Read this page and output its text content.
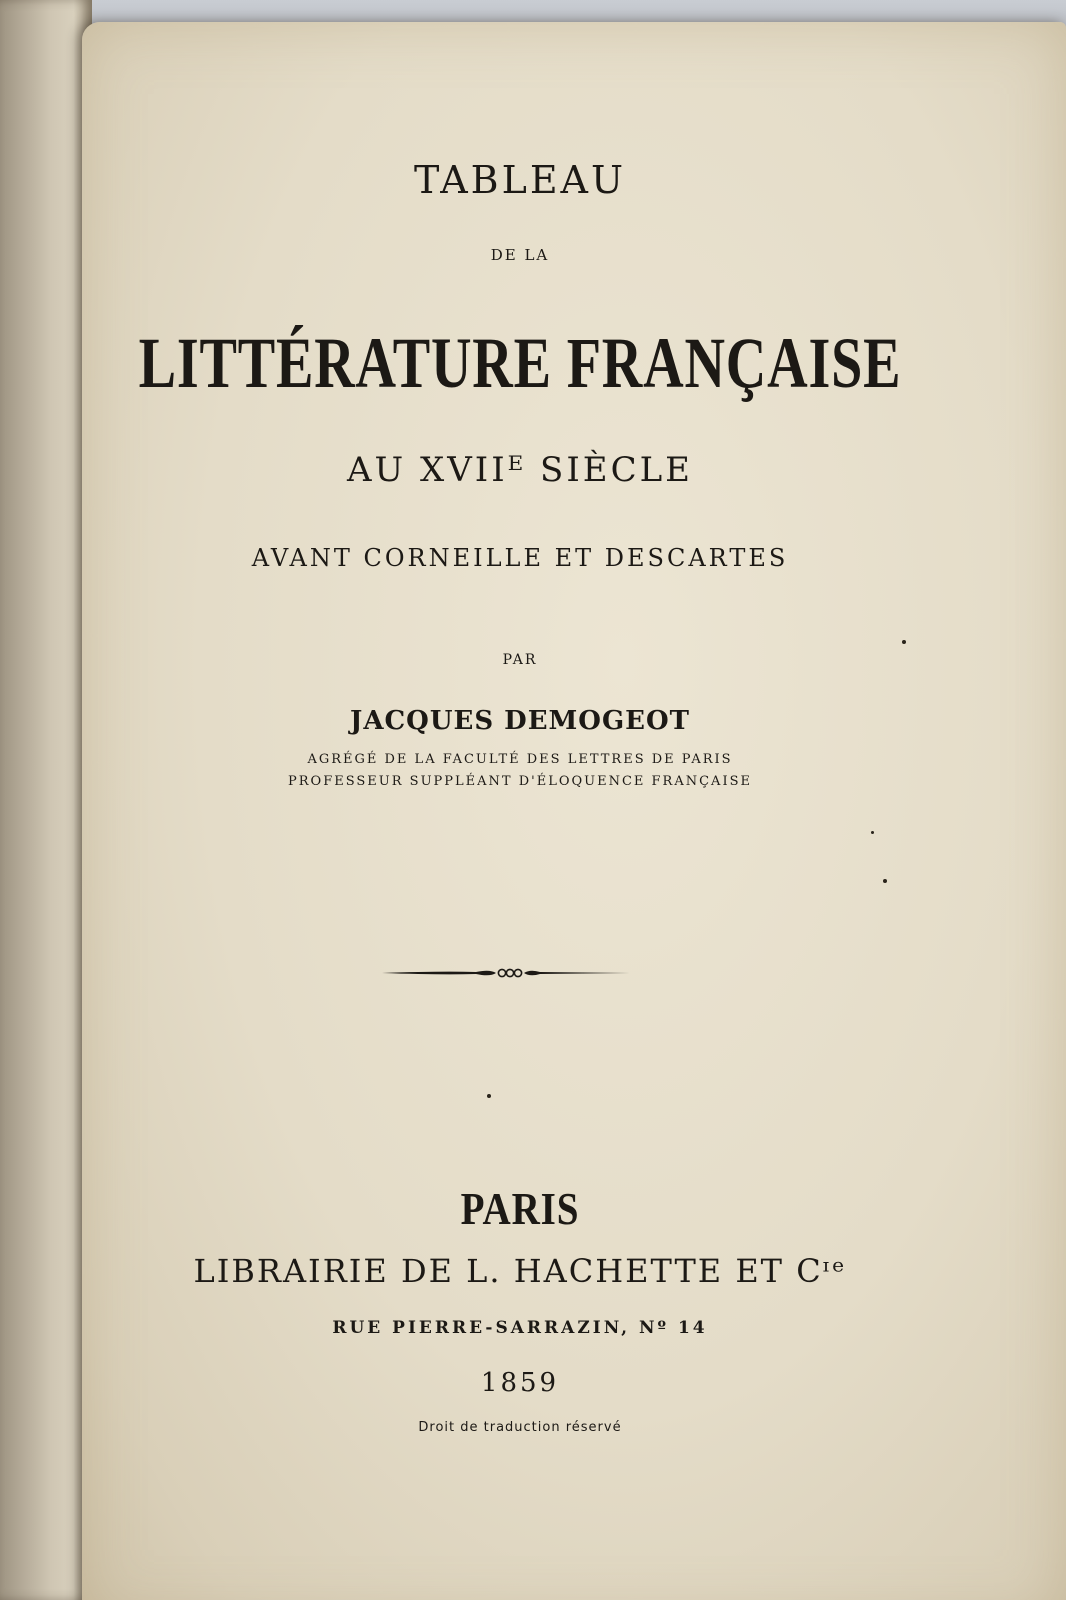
TABLEAU
DE LA
LITTÉRATURE FRANÇAISE
AU XVIIᴱ SIÈCLE
AVANT CORNEILLE ET DESCARTES
PAR
JACQUES DEMOGEOT
AGRÉGÉ DE LA FACULTÉ DES LETTRES DE PARIS
PROFESSEUR SUPPLÉANT D'ÉLOQUENCE FRANÇAISE
PARIS
LIBRAIRIE DE L. HACHETTE ET Cᶦᵉ
RUE PIERRE-SARRAZIN, Nº 14
1859
Droit de traduction réservé
